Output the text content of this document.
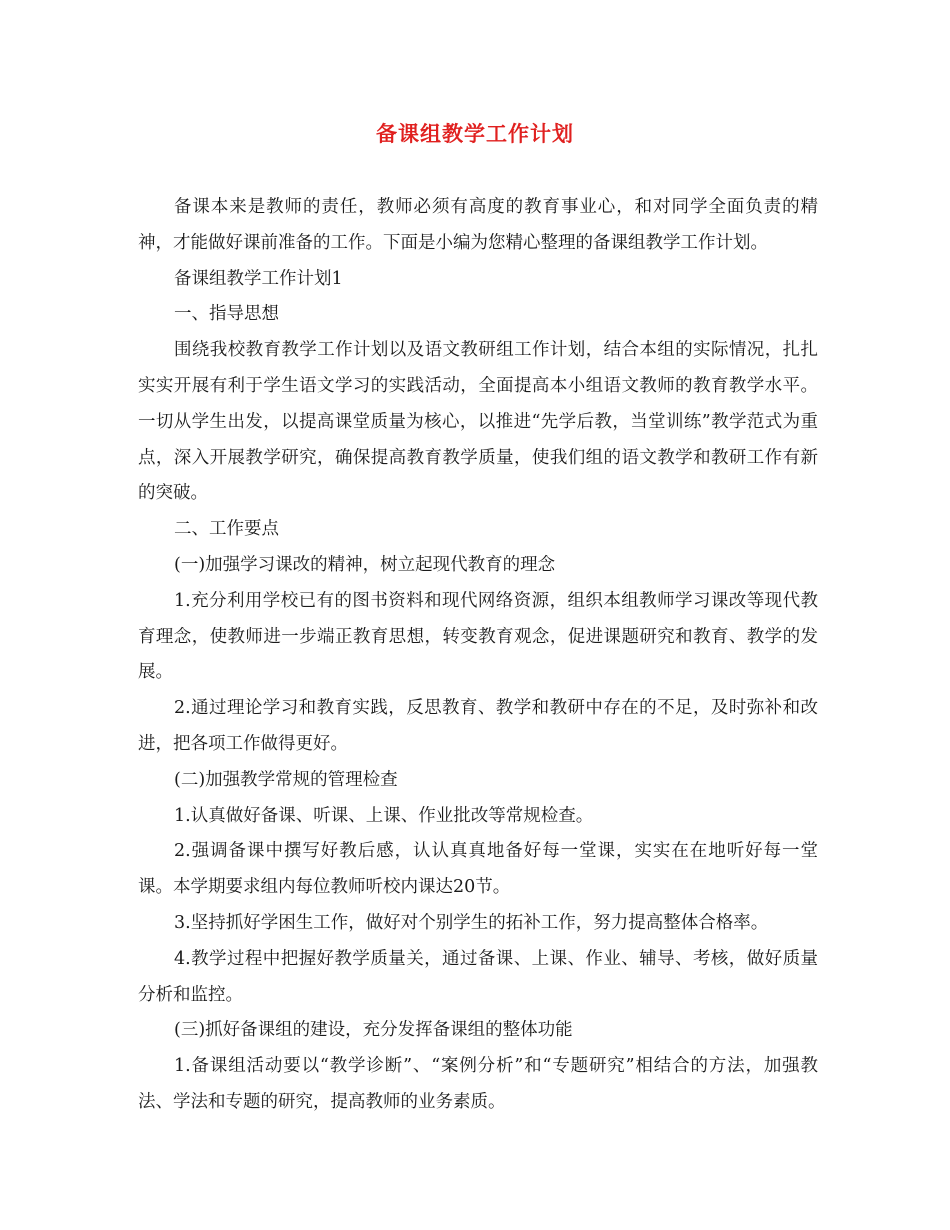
备课组教学工作计划

备课本来是教师的责任，教师必须有高度的教育事业心，和对同学全面负责的精神，才能做好课前准备的工作。下面是小编为您精心整理的备课组教学工作计划。

备课组教学工作计划1

一、指导思想

围绕我校教育教学工作计划以及语文教研组工作计划，结合本组的实际情况，扎扎实实开展有利于学生语文学习的实践活动，全面提高本小组语文教师的教育教学水平。一切从学生出发，以提高课堂质量为核心，以推进“先学后教，当堂训练”教学范式为重点，深入开展教学研究，确保提高教育教学质量，使我们组的语文教学和教研工作有新的突破。

二、工作要点

(一)加强学习课改的精神，树立起现代教育的理念

1.充分利用学校已有的图书资料和现代网络资源，组织本组教师学习课改等现代教育理念，使教师进一步端正教育思想，转变教育观念，促进课题研究和教育、教学的发展。

2.通过理论学习和教育实践，反思教育、教学和教研中存在的不足，及时弥补和改进，把各项工作做得更好。

(二)加强教学常规的管理检查

1.认真做好备课、听课、上课、作业批改等常规检查。

2.强调备课中撰写好教后感，认认真真地备好每一堂课，实实在在地听好每一堂课。本学期要求组内每位教师听校内课达20节。

3.坚持抓好学困生工作，做好对个别学生的拓补工作，努力提高整体合格率。

4.教学过程中把握好教学质量关，通过备课、上课、作业、辅导、考核，做好质量分析和监控。

(三)抓好备课组的建设，充分发挥备课组的整体功能

1.备课组活动要以“教学诊断”、“案例分析”和“专题研究”相结合的方法，加强教法、学法和专题的研究，提高教师的业务素质。
